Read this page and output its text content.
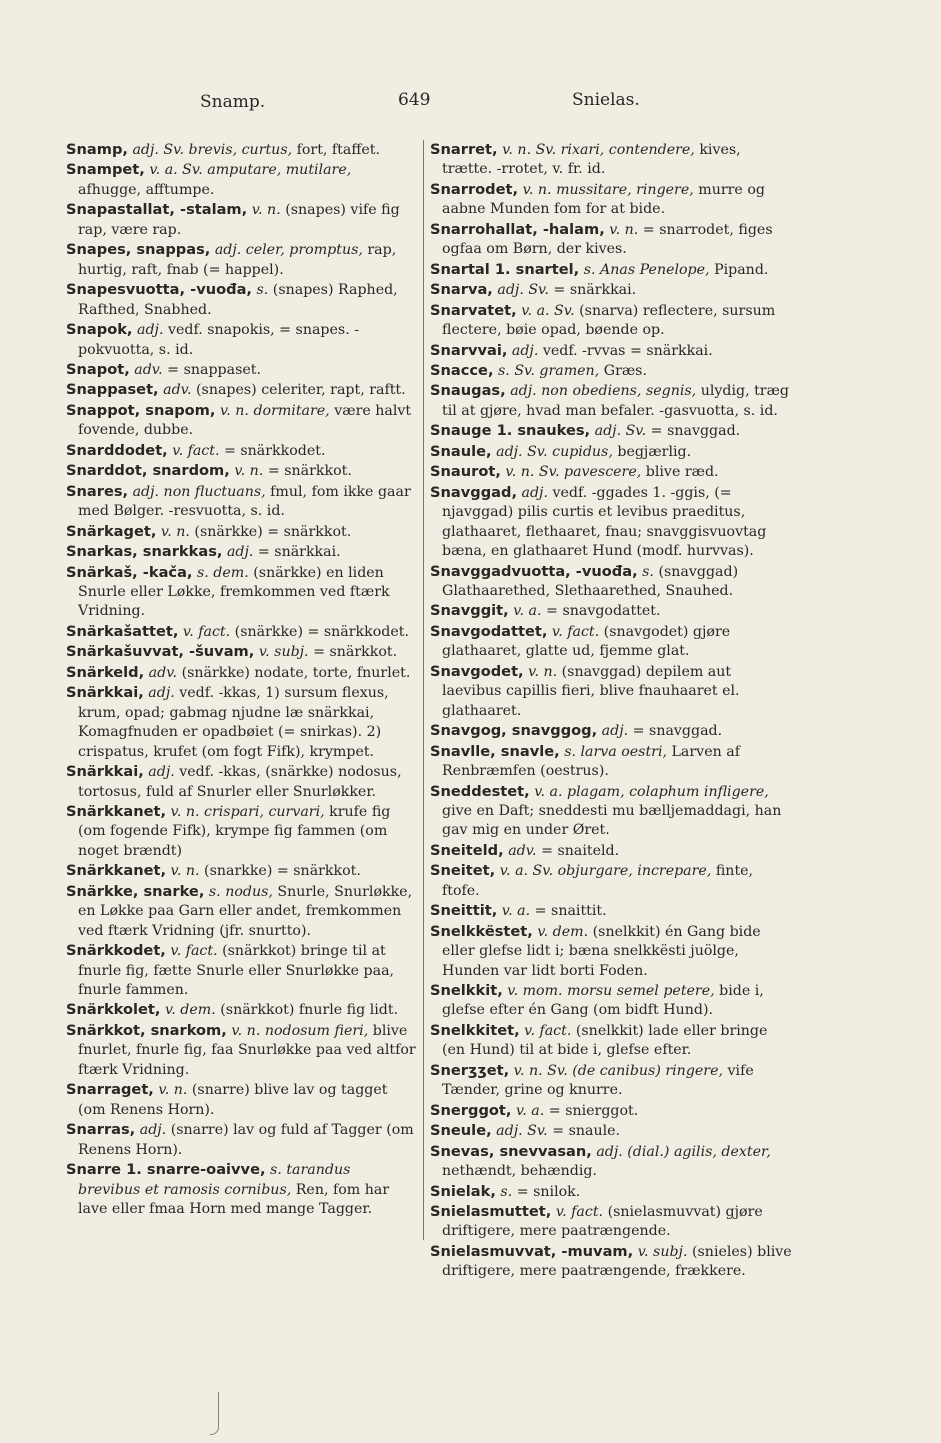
Snamp.	649	Snielas.

Snamp, adj. Sv. brevis, curtus, fort, ftaffet.

Snampet, v. a. Sv. amputare, mutilare, afhugge, afftumpe.

Snapastallat, -stalam, v. n. (snapes) vife fig rap, være rap.

Snapes, snappas, adj. celer, promptus, rap, hurtig, raft, fnab (= happel).

Snapesvuotta, -vuođa, s. (snapes) Raphed, Rafthed, Snabhed.

Snapok, adj. vedf. snapokis, = snapes. -pokvuotta, s. id.

Snapot, adv. = snappaset.

Snappaset, adv. (snapes) celeriter, rapt, raftt.

Snappot, snapom, v. n. dormitare, være halvt fovende, dubbe.

Snarddodet, v. fact. = snärkkodet.

Snarddot, snardom, v. n. = snärkkot.

Snares, adj. non fluctuans, fmul, fom ikke gaar med Bølger. -resvuotta, s. id.

Snärkaget, v. n. (snärkke) = snärkkot.

Snarkas, snarkkas, adj. = snärkkai.

Snärkaš, -kača, s. dem. (snärkke) en liden Snurle eller Løkke, fremkommen ved ftærk Vridning.

Snärkašattet, v. fact. (snärkke) = snärkkodet.

Snärkašuvvat, -šuvam, v. subj. = snärkkot.

Snärkeld, adv. (snärkke) nodate, torte, fnurlet.

Snärkkai, adj. vedf. -kkas, 1) sursum flexus, krum, opad; gabmag njudne læ snärkkai, Komagfnuden er opadbøiet (= snirkas). 2) crispatus, krufet (om fogt Fifk), krympet.

Snärkkai, adj. vedf. -kkas, (snärkke) nodosus, tortosus, fuld af Snurler eller Snurløkker.

Snärkkanet, v. n. crispari, curvari, krufe fig (om fogende Fifk), krympe fig fammen (om noget brændt)

Snärkkanet, v. n. (snarkke) = snärkkot.

Snärkke, snarke, s. nodus, Snurle, Snurløkke, en Løkke paa Garn eller andet, fremkommen ved ftærk Vridning (jfr. snurtto).

Snärkkodet, v. fact. (snärkkot) bringe til at fnurle fig, fætte Snurle eller Snurløkke paa, fnurle fammen.

Snärkkolet, v. dem. (snärkkot) fnurle fig lidt.

Snärkkot, snarkom, v. n. nodosum fieri, blive fnurlet, fnurle fig, faa Snurløkke paa ved altfor ftærk Vridning.

Snarraget, v. n. (snarre) blive lav og tagget (om Renens Horn).

Snarras, adj. (snarre) lav og fuld af Tagger (om Renens Horn).

Snarre 1. snarre-oaivve, s. tarandus brevibus et ramosis cornibus, Ren, fom har lave eller fmaa Horn med mange Tagger.

Snarret, v. n. Sv. rixari, contendere, kives, trætte. -rrotet, v. fr. id.

Snarrodet, v. n. mussitare, ringere, murre og aabne Munden fom for at bide.

Snarrohallat, -halam, v. n. = snarrodet, figes ogfaa om Børn, der kives.

Snartal 1. snartel, s. Anas Penelope, Pipand.

Snarva, adj. Sv. = snärkkai.

Snarvatet, v. a. Sv. (snarva) reflectere, sursum flectere, bøie opad, bøende op.

Snarvvai, adj. vedf. -rvvas = snärkkai.

Snacce, s. Sv. gramen, Græs.

Snaugas, adj. non obediens, segnis, ulydig, træg til at gjøre, hvad man befaler. -gasvuotta, s. id.

Snauge 1. snaukes, adj. Sv. = snavggad.

Snaule, adj. Sv. cupidus, begjærlig.

Snaurot, v. n. Sv. pavescere, blive ræd.

Snavggad, adj. vedf. -ggades 1. -ggis, (= njavggad) pilis curtis et levibus praeditus, glathaaret, flethaaret, fnau; snavggisvuovtag bæna, en glathaaret Hund (modf. hurvvas).

Snavggadvuotta, -vuođa, s. (snavggad) Glathaarethed, Slethaarethed, Snauhed.

Snavggit, v. a. = snavgodattet.

Snavgodattet, v. fact. (snavgodet) gjøre glathaaret, glatte ud, fjemme glat.

Snavgodet, v. n. (snavggad) depilem aut laevibus capillis fieri, blive fnauhaaret el. glathaaret.

Snavgog, snavggog, adj. = snavggad.

Snavlle, snavle, s. larva oestri, Larven af Renbræmfen (oestrus).

Sneddestet, v. a. plagam, colaphum infligere, give en Daft; sneddesti mu bælljemaddagi, han gav mig en under Øret.

Sneiteld, adv. = snaiteld.

Sneitet, v. a. Sv. objurgare, increpare, finte, ftofe.

Sneittit, v. a. = snaittit.

Snelkkëstet, v. dem. (snelkkit) én Gang bide eller glefse lidt i; bæna snelkkësti juölge, Hunden var lidt borti Foden.

Snelkkit, v. mom. morsu semel petere, bide i, glefse efter én Gang (om bidft Hund).

Snelkkitet, v. fact. (snelkkit) lade eller bringe (en Hund) til at bide i, glefse efter.

Snerʒʒet, v. n. Sv. (de canibus) ringere, vife Tænder, grine og knurre.

Snerggot, v. a. = snierggot.

Sneule, adj. Sv. = snaule.

Snevas, snevvasan, adj. (dial.) agilis, dexter, nethændt, behændig.

Snielak, s. = snilok.

Snielasmuttet, v. fact. (snielasmuvvat) gjøre driftigere, mere paatrængende.

Snielasmuvvat, -muvam, v. subj. (snieles) blive driftigere, mere paatrængende, frækkere.
